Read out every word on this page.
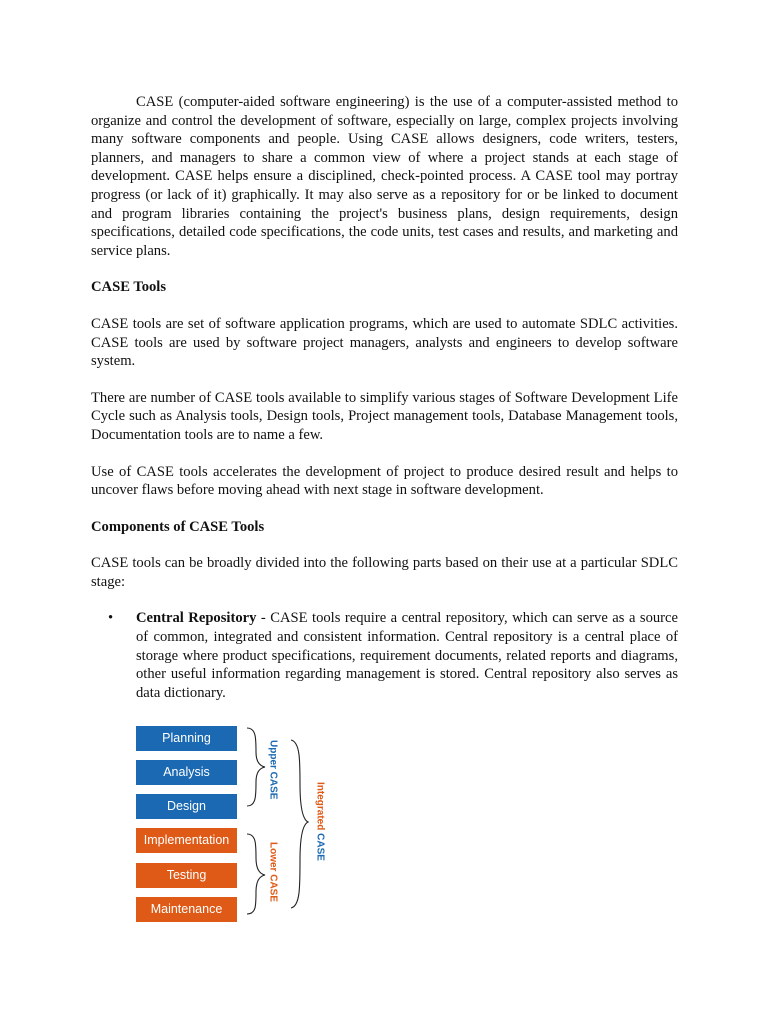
CASE (computer-aided software engineering) is the use of a computer-assisted method to organize and control the development of software, especially on large, complex projects involving many software components and people. Using CASE allows designers, code writers, testers, planners, and managers to share a common view of where a project stands at each stage of development. CASE helps ensure a disciplined, check-pointed process. A CASE tool may portray progress (or lack of it) graphically. It may also serve as a repository for or be linked to document and program libraries containing the project's business plans, design requirements, design specifications, detailed code specifications, the code units, test cases and results, and marketing and service plans.

CASE Tools

CASE tools are set of software application programs, which are used to automate SDLC activities. CASE tools are used by software project managers, analysts and engineers to develop software system.

There are number of CASE tools available to simplify various stages of Software Development Life Cycle such as Analysis tools, Design tools, Project management tools, Database Management tools, Documentation tools are to name a few.

Use of CASE tools accelerates the development of project to produce desired result and helps to uncover flaws before moving ahead with next stage in software development.

Components of CASE Tools

CASE tools can be broadly divided into the following parts based on their use at a particular SDLC stage:

• Central Repository - CASE tools require a central repository, which can serve as a source of common, integrated and consistent information. Central repository is a central place of storage where product specifications, requirement documents, related reports and diagrams, other useful information regarding management is stored. Central repository also serves as data dictionary.

Planning
Analysis
Design
Implementation
Testing
Maintenance
Upper CASE
Lower CASE
Integrated CASE
